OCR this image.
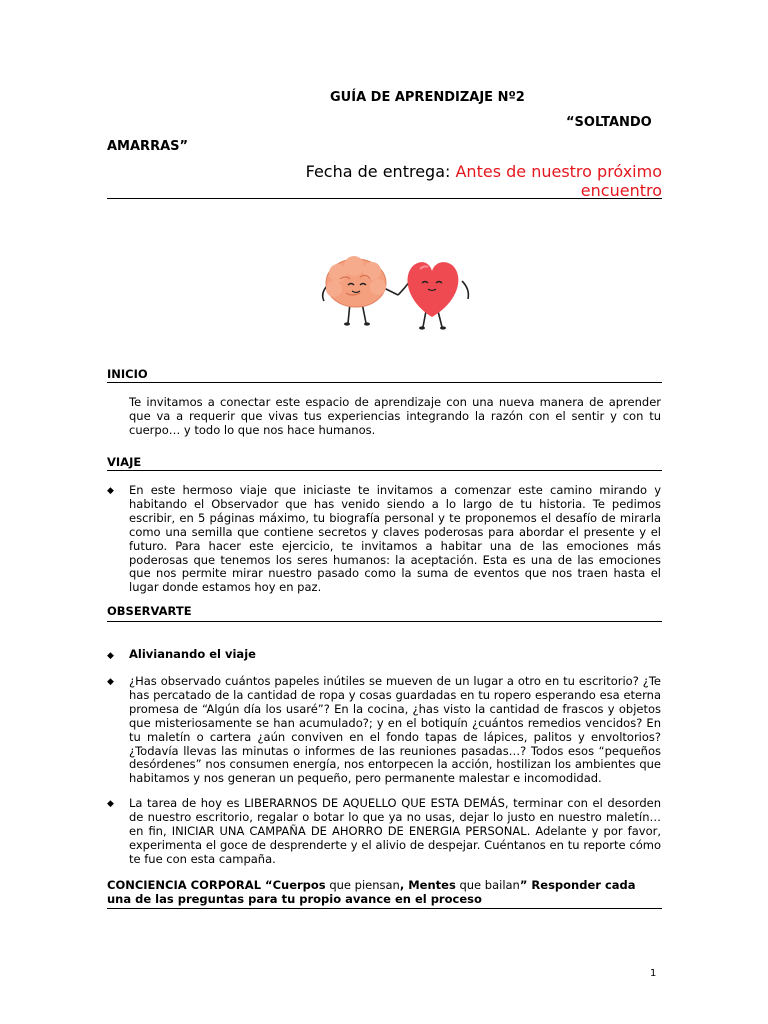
GUÍA DE APRENDIZAJE Nº2
“SOLTANDO
AMARRAS”
Fecha de entrega: Antes de nuestro próximo
encuentro
INICIO
Te invitamos a conectar este espacio de aprendizaje con una nueva manera de aprender que va a requerir que vivas tus experiencias integrando la razón con el sentir y con tu cuerpo… y todo lo que nos hace humanos.
VIAJE
◆ En este hermoso viaje que iniciaste te invitamos a comenzar este camino mirando y habitando el Observador que has venido siendo a lo largo de tu historia. Te pedimos escribir, en 5 páginas máximo, tu biografía personal y te proponemos el desafío de mirarla como una semilla que contiene secretos y claves poderosas para abordar el presente y el futuro. Para hacer este ejercicio, te invitamos a habitar una de las emociones más poderosas que tenemos los seres humanos: la aceptación. Esta es una de las emociones que nos permite mirar nuestro pasado como la suma de eventos que nos traen hasta el lugar donde estamos hoy en paz.
OBSERVARTE
◆ Alivianando el viaje
◆ ¿Has observado cuántos papeles inútiles se mueven de un lugar a otro en tu escritorio? ¿Te has percatado de la cantidad de ropa y cosas guardadas en tu ropero esperando esa eterna promesa de “Algún día los usaré”? En la cocina, ¿has visto la cantidad de frascos y objetos que misteriosamente se han acumulado?; y en el botiquín ¿cuántos remedios vencidos? En tu maletín o cartera ¿aún conviven en el fondo tapas de lápices, palitos y envoltorios? ¿Todavía llevas las minutas o informes de las reuniones pasadas…? Todos esos “pequeños desórdenes” nos consumen energía, nos entorpecen la acción, hostilizan los ambientes que habitamos y nos generan un pequeño, pero permanente malestar e incomodidad.
◆ La tarea de hoy es LIBERARNOS DE AQUELLO QUE ESTA DEMÁS, terminar con el desorden de nuestro escritorio, regalar o botar lo que ya no usas, dejar lo justo en nuestro maletín… en fin, INICIAR UNA CAMPAÑA DE AHORRO DE ENERGIA PERSONAL. Adelante y por favor, experimenta el goce de desprenderte y el alivio de despejar. Cuéntanos en tu reporte cómo te fue con esta campaña.
CONCIENCIA CORPORAL “Cuerpos que piensan, Mentes que bailan” Responder cada una de las preguntas para tu propio avance en el proceso
1
